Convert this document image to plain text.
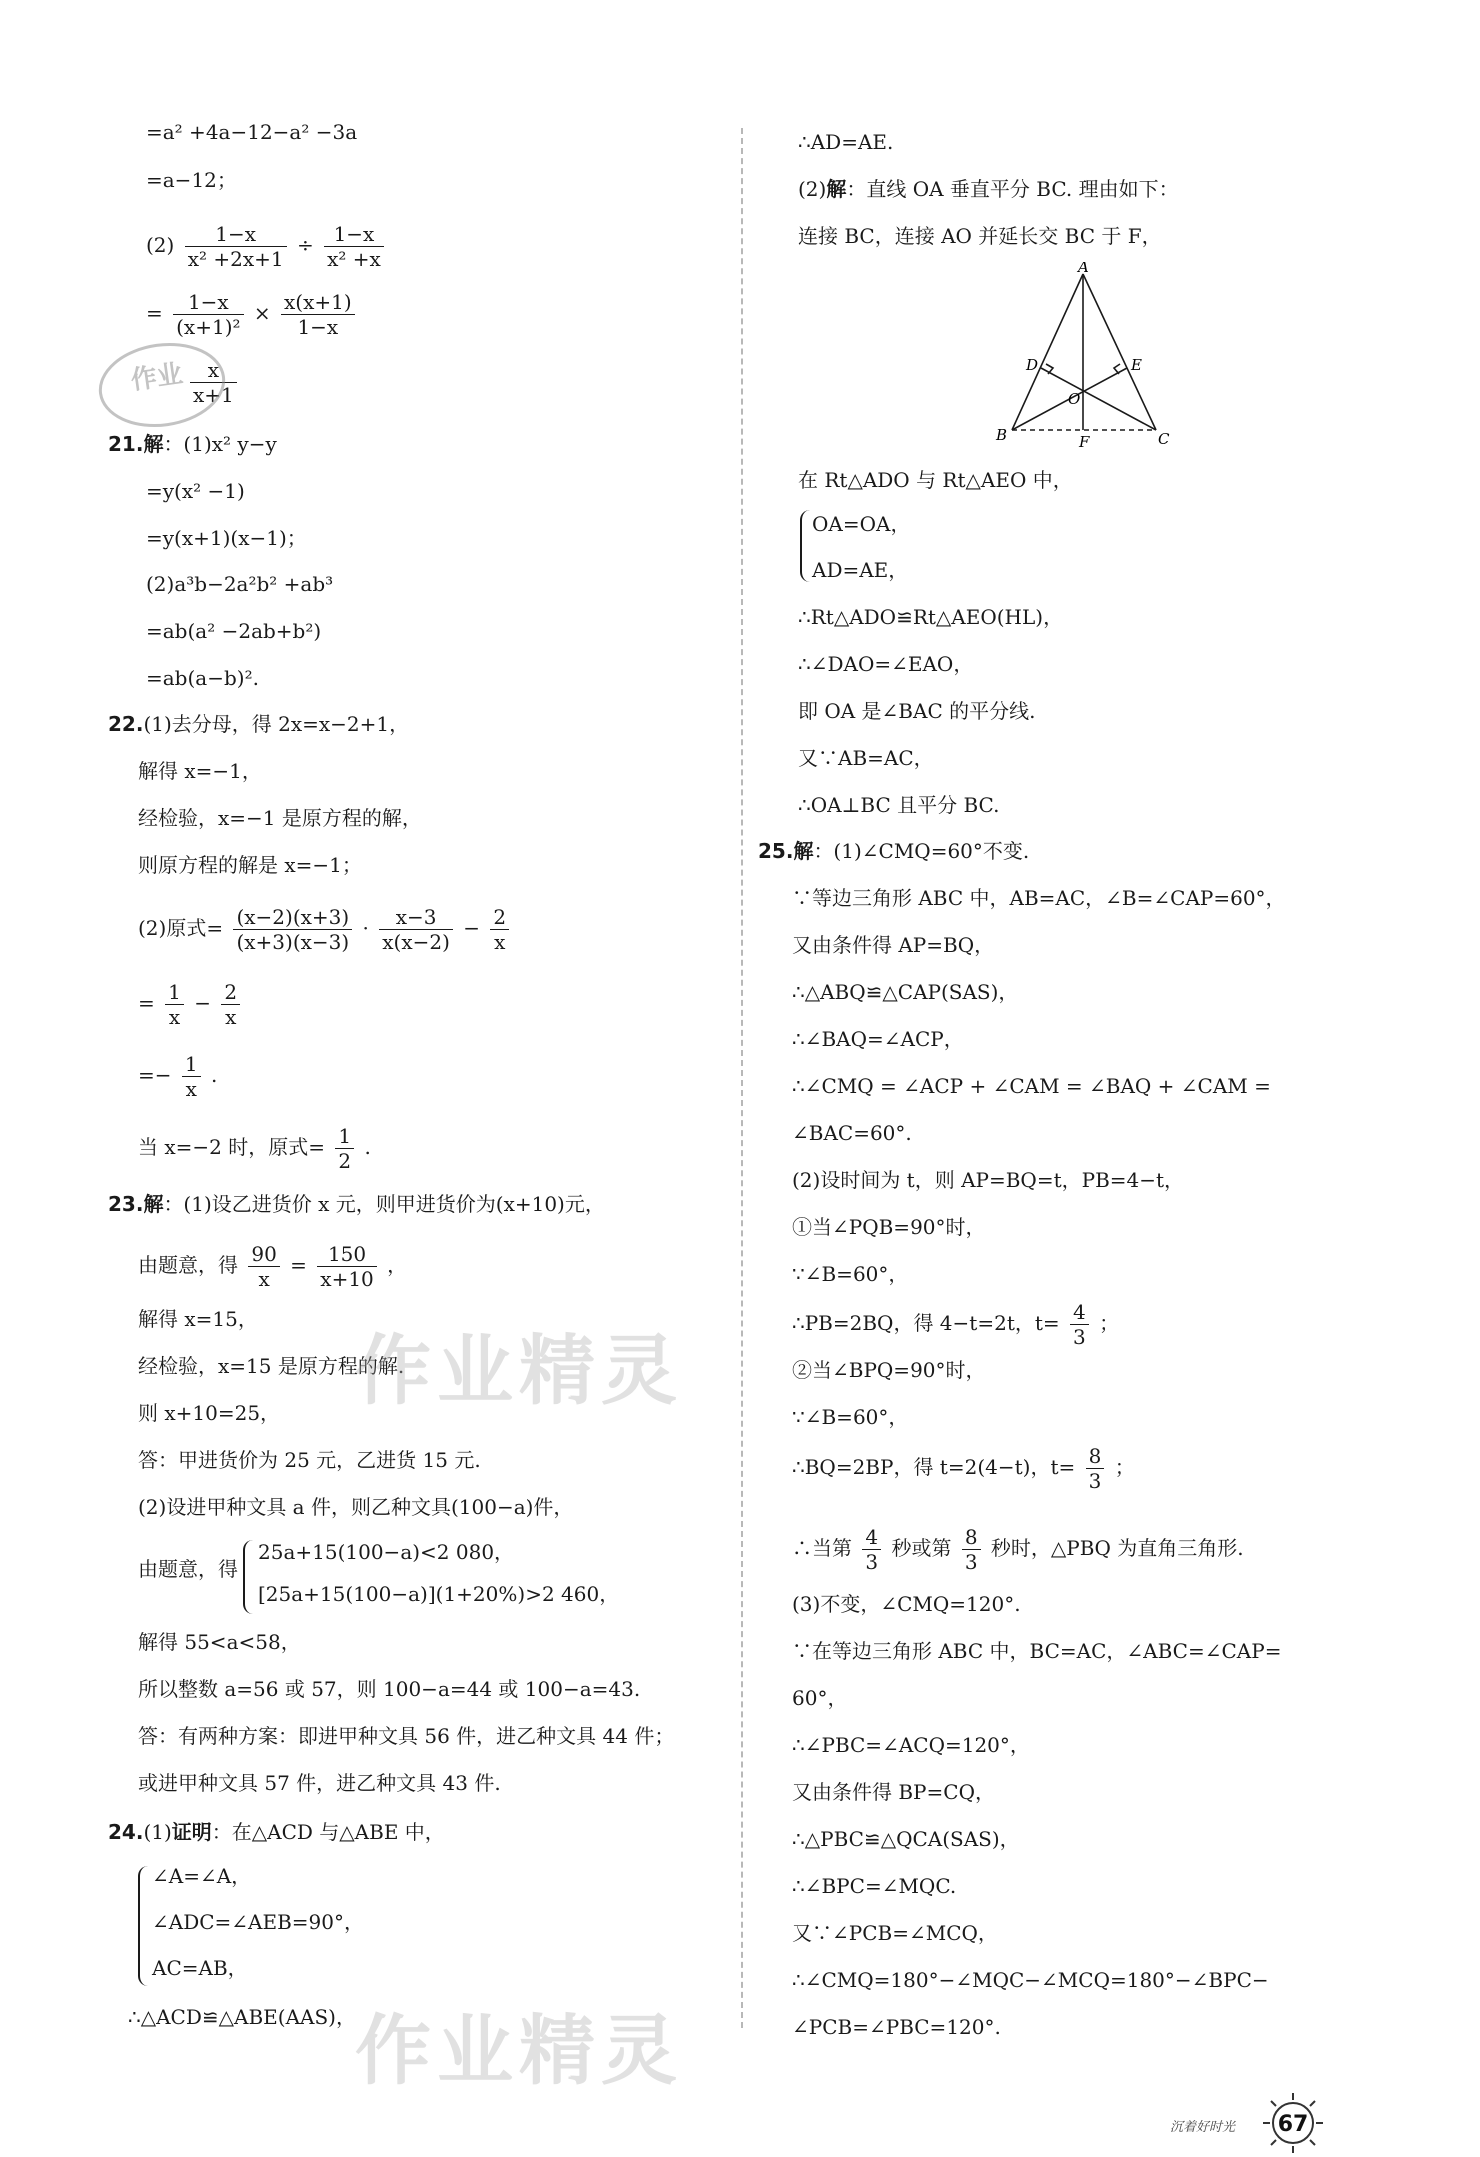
=a² +4a−12−a² −3a
=a−12；
$(2) \frac{1-x}{\text{x² +2x+1}} \div \frac{1-x}{\text{x² +x}}$
= $\frac{1-x}{\text{(x+1)²}} \times \frac{x(x+1)}{1-x}$
$\frac{x}{x+1}$
21.解：(1)x² y−y
=y(x² −1)
=y(x+1)(x−1)；
(2)a³b−2a²b² +ab³
=ab(a² −2ab+b²)
=ab(a−b)².
22.(1)去分母，得 2x=x−2+1，
解得 x=−1，
经检验，x=−1 是原方程的解，
则原方程的解是 x=−1；
(2)原式= $\frac{(x-2)(x+3)}{(x+3)(x-3)} \cdot \frac{x-3}{x(x-2)} - \frac{2}{x}$
= $\frac{1}{x} - \frac{2}{x}$
=− $\frac{1}{x}$ .
当 x=−2 时，原式= $\frac{1}{2}$ .
23.解：(1)设乙进货价 x 元，则甲进货价为(x+10)元，
由题意，得 $\frac{90}{x} = \frac{150}{x+10}$ ，
解得 x=15，
经检验，x=15 是原方程的解.
则 x+10=25，
答：甲进货价为 25 元，乙进货 15 元.
(2)设进甲种文具 a 件，则乙种文具(100−a)件，
由题意，得
25a+15(100−a)<2 080，
[25a+15(100−a)](1+20%)>2 460，
解得 55<a<58，
所以整数 a=56 或 57，则 100−a=44 或 100−a=43.
答：有两种方案：即进甲种文具 56 件，进乙种文具 44 件；
或进甲种文具 57 件，进乙种文具 43 件.
24.(1)证明：在△ACD 与△ABE 中，
∠A=∠A，
∠ADC=∠AEB=90°，
AC=AB，
∴△ACD≌△ABE(AAS)，
∴AD=AE.
(2)解：直线 OA 垂直平分 BC. 理由如下：
连接 BC，连接 AO 并延长交 BC 于 F，
在 Rt△ADO 与 Rt△AEO 中，
OA=OA，
AD=AE，
∴Rt△ADO≌Rt△AEO(HL)，
∴∠DAO=∠EAO，
即 OA 是∠BAC 的平分线.
又∵AB=AC，
∴OA⊥BC 且平分 BC.
25.解：(1)∠CMQ=60°不变.
∵等边三角形 ABC 中，AB=AC，∠B=∠CAP=60°，
又由条件得 AP=BQ，
∴△ABQ≌△CAP(SAS)，
∴∠BAQ=∠ACP，
∴∠CMQ = ∠ACP + ∠CAM = ∠BAQ + ∠CAM =
∠BAC=60°.
(2)设时间为 t，则 AP=BQ=t，PB=4−t，
①当∠PQB=90°时，
∵∠B=60°，
∴PB=2BQ，得 4−t=2t，$t= \frac{4}{3}$ ；
②当∠BPQ=90°时，
∵∠B=60°，
∴BQ=2BP，得 t=2(4−t)，$t= \frac{8}{3}$ ；
∴当第 $\frac{4}{3}$ 秒或第 $\frac{8}{3}$ 秒时，△PBQ 为直角三角形.
(3)不变，∠CMQ=120°.
∵在等边三角形 ABC 中，BC=AC，∠ABC=∠CAP=
60°，
∴∠PBC=∠ACQ=120°，
又由条件得 BP=CQ，
∴△PBC≌△QCA(SAS)，
∴∠BPC=∠MQC.
又∵∠PCB=∠MCQ，
∴∠CMQ=180°−∠MQC−∠MCQ=180°−∠BPC−
∠PCB=∠PBC=120°.
A
B	C
D	E
F
O
作业精灵
作业精灵
作业
沉着好时光 67
